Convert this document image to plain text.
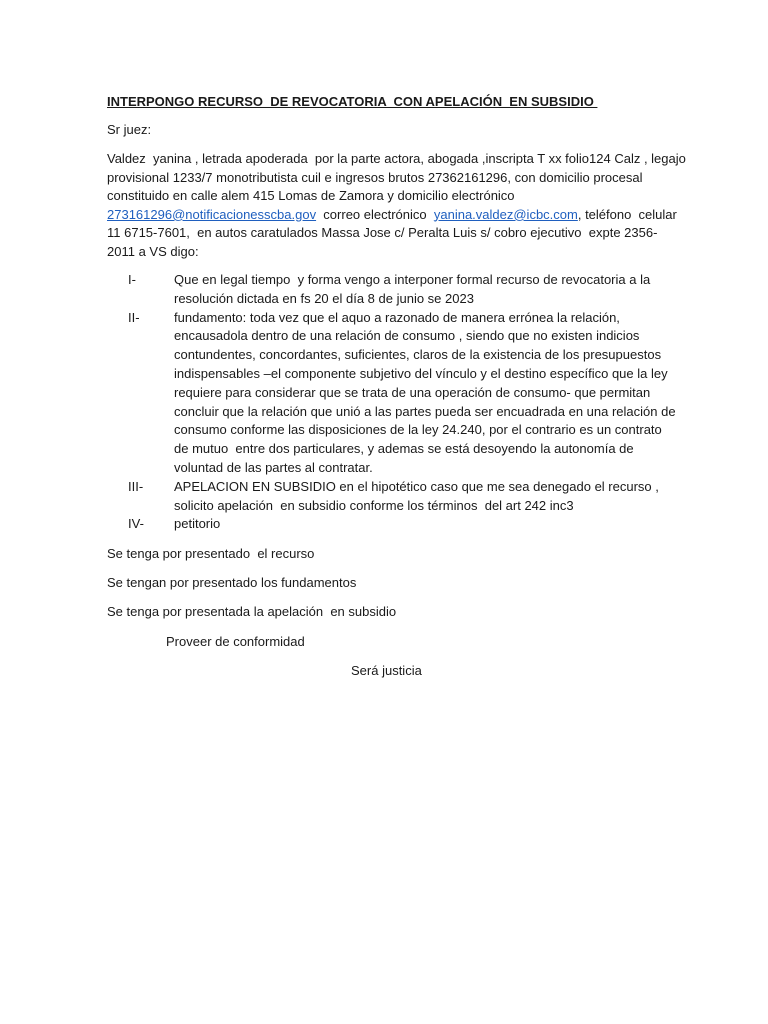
INTERPONGO RECURSO  DE REVOCATORIA  CON APELACIÓN  EN SUBSIDIO
Sr juez:
Valdez  yanina , letrada apoderada  por la parte actora, abogada ,inscripta T xx folio124 Calz , legajo
provisional 1233/7 monotributista cuil e ingresos brutos 27362161296, con domicilio procesal
constituido en calle alem 415 Lomas de Zamora y domicilio electrónico
273161296@notificacionesscba.gov  correo electrónico  yanina.valdez@icbc.com, teléfono  celular
11 6715-7601,  en autos caratulados Massa Jose c/ Peralta Luis s/ cobro ejecutivo  expte 2356-
2011 a VS digo:
I-	Que en legal tiempo  y forma vengo a interponer formal recurso de revocatoria a la
resolución dictada en fs 20 el día 8 de junio se 2023
II-	fundamento: toda vez que el aquo a razonado de manera errónea la relación,
encausadola dentro de una relación de consumo , siendo que no existen indicios
contundentes, concordantes, suficientes, claros de la existencia de los presupuestos
indispensables –el componente subjetivo del vínculo y el destino específico que la ley
requiere para considerar que se trata de una operación de consumo- que permitan
concluir que la relación que unió a las partes pueda ser encuadrada en una relación de
consumo conforme las disposiciones de la ley 24.240, por el contrario es un contrato
de mutuo  entre dos particulares, y ademas se está desoyendo la autonomía de
voluntad de las partes al contratar.
III- APELACION EN SUBSIDIO en el hipotético caso que me sea denegado el recurso ,
solicito apelación  en subsidio conforme los términos  del art 242 inc3
IV- petitorio
Se tenga por presentado  el recurso
Se tengan por presentado los fundamentos
Se tenga por presentada la apelación  en subsidio
Proveer de conformidad
Será justicia
